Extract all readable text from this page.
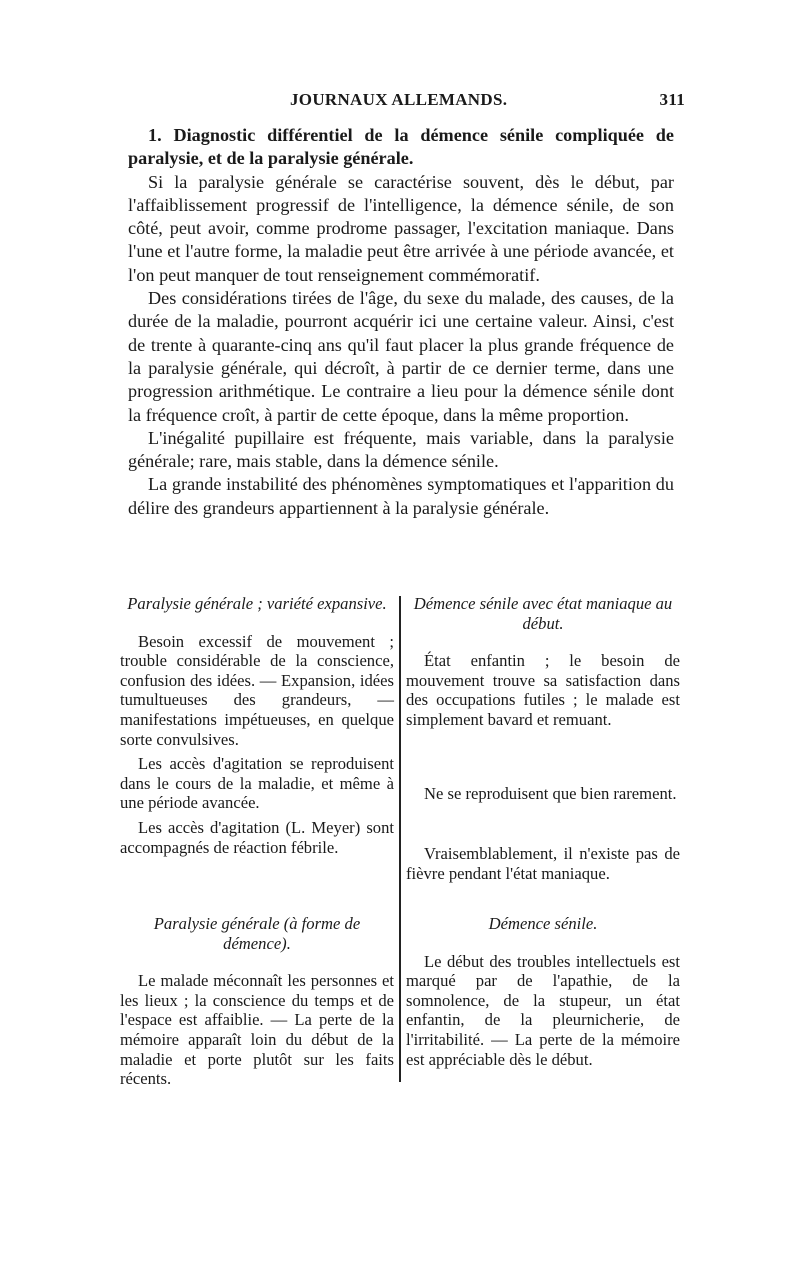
JOURNAUX ALLEMANDS.	311

1. Diagnostic différentiel de la démence sénile compliquée de paralysie, et de la paralysie générale.

Si la paralysie générale se caractérise souvent, dès le début, par l'affaiblissement progressif de l'intelligence, la démence sénile, de son côté, peut avoir, comme prodrome passager, l'excitation maniaque. Dans l'une et l'autre forme, la maladie peut être arrivée à une période avancée, et l'on peut manquer de tout renseignement commémoratif.

Des considérations tirées de l'âge, du sexe du malade, des causes, de la durée de la maladie, pourront acquérir ici une certaine valeur. Ainsi, c'est de trente à quarante-cinq ans qu'il faut placer la plus grande fréquence de la paralysie générale, qui décroît, à partir de ce dernier terme, dans une progression arithmétique. Le contraire a lieu pour la démence sénile dont la fréquence croît, à partir de cette époque, dans la même proportion.

L'inégalité pupillaire est fréquente, mais variable, dans la paralysie générale; rare, mais stable, dans la démence sénile.

La grande instabilité des phénomènes symptomatiques et l'apparition du délire des grandeurs appartiennent à la paralysie générale.

Paralysie générale ; variété expansive.

Besoin excessif de mouvement ; trouble considérable de la conscience, confusion des idées. — Expansion, idées tumultueuses des grandeurs, — manifestations impétueuses, en quelque sorte convulsives.

Les accès d'agitation se reproduisent dans le cours de la maladie, et même à une période avancée.

Les accès d'agitation (L. Meyer) sont accompagnés de réaction fébrile.

Paralysie générale (à forme de démence).

Le malade méconnaît les personnes et les lieux ; la conscience du temps et de l'espace est affaiblie. — La perte de la mémoire apparaît loin du début de la maladie et porte plutôt sur les faits récents.

Démence sénile avec état maniaque au début.

État enfantin ; le besoin de mouvement trouve sa satisfaction dans des occupations futiles ; le malade est simplement bavard et remuant.

Ne se reproduisent que bien rarement.

Vraisemblablement, il n'existe pas de fièvre pendant l'état maniaque.

Démence sénile.

Le début des troubles intellectuels est marqué par de l'apathie, de la somnolence, de la stupeur, un état enfantin, de la pleurnicherie, de l'irritabilité. — La perte de la mémoire est appréciable dès le début.
